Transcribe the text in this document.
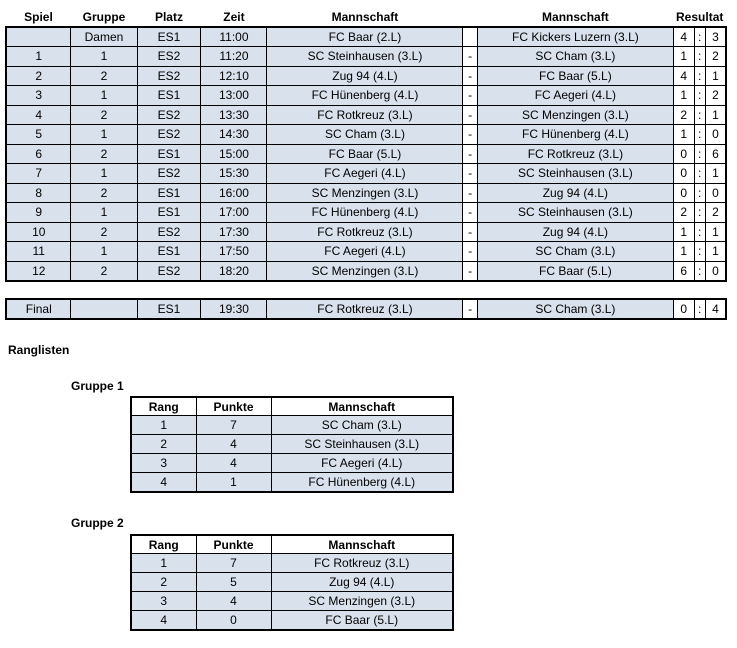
Spiel	Gruppe	Platz	Zeit	Mannschaft		Mannschaft	Resultat		
	Damen	ES1	11:00	FC Baar (2.L)		FC Kickers Luzern (3.L)	4	:	3
1	1	ES2	11:20	SC Steinhausen (3.L)	-	SC Cham (3.L)	1	:	2
2	2	ES2	12:10	Zug 94 (4.L)	-	FC Baar (5.L)	4	:	1
3	1	ES1	13:00	FC Hünenberg (4.L)	-	FC Aegeri (4.L)	1	:	2
4	2	ES2	13:30	FC Rotkreuz (3.L)	-	SC Menzingen (3.L)	2	:	1
5	1	ES2	14:30	SC Cham (3.L)	-	FC Hünenberg (4.L)	1	:	0
6	2	ES1	15:00	FC Baar (5.L)	-	FC Rotkreuz (3.L)	0	:	6
7	1	ES2	15:30	FC Aegeri (4.L)	-	SC Steinhausen (3.L)	0	:	1
8	2	ES1	16:00	SC Menzingen (3.L)	-	Zug 94 (4.L)	0	:	0
9	1	ES1	17:00	FC Hünenberg (4.L)	-	SC Steinhausen (3.L)	2	:	2
10	2	ES2	17:30	FC Rotkreuz (3.L)	-	Zug 94 (4.L)	1	:	1
11	1	ES1	17:50	FC Aegeri (4.L)	-	SC Cham (3.L)	1	:	1
12	2	ES2	18:20	SC Menzingen (3.L)	-	FC Baar (5.L)	6	:	0
Final		ES1	19:30	FC Rotkreuz (3.L)	-	SC Cham (3.L)	0	:	4
Ranglisten
Gruppe 1
Rang	Punkte	Mannschaft
1	7	SC Cham (3.L)
2	4	SC Steinhausen (3.L)
3	4	FC Aegeri (4.L)
4	1	FC Hünenberg (4.L)
Gruppe 2
Rang	Punkte	Mannschaft
1	7	FC Rotkreuz (3.L)
2	5	Zug 94 (4.L)
3	4	SC Menzingen (3.L)
4	0	FC Baar (5.L)
